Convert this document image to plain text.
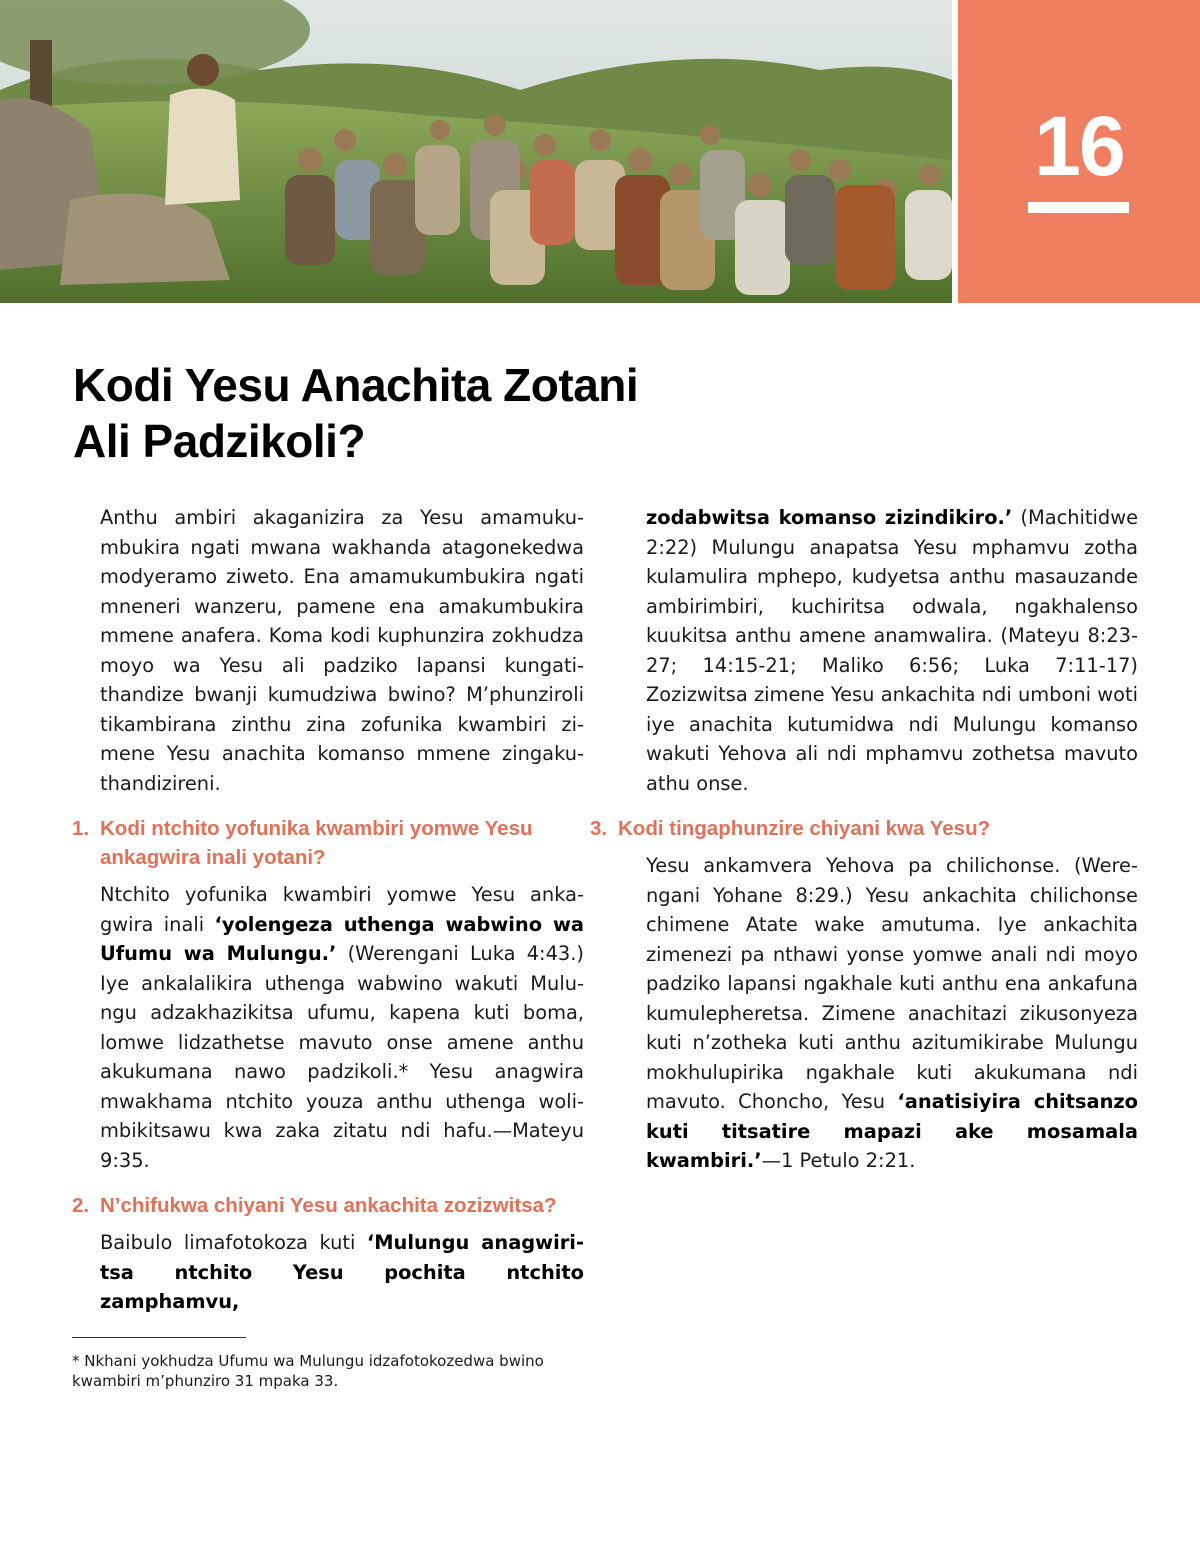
16
Kodi Yesu Anachita Zotani
Ali Padzikoli?

Anthu ambiri akaganizira za Yesu amamukumbukira ngati mwana wakhanda atagonekedwa modyeramo ziweto. Ena amamukumbukira ngati mneneri wanzeru, pamene ena amakumbukira mmene anafera. Koma kodi kuphunzira zokhudza moyo wa Yesu ali padziko lapansi kungatithandize bwanji kumudziwa bwino? M’phunziroli tikambirana zinthu zina zofunika kwambiri zimene Yesu anachita komanso mmene zingakuthandizireni.

1. Kodi ntchito yofunika kwambiri yomwe Yesu ankagwira inali yotani?

Ntchito yofunika kwambiri yomwe Yesu ankagwira inali ‘yolengeza uthenga wabwino wa Ufumu wa Mulungu.’ (Werengani Luka 4:43.) Iye ankalalikira uthenga wabwino wakuti Mulungu adzakhazikitsa ufumu, kapena kuti boma, lomwe lidzathetse mavuto onse amene anthu akukumana nawo padzikoli.* Yesu anagwira mwakhama ntchito youza anthu uthenga wolimbikitsawu kwa zaka zitatu ndi hafu.—Mateyu 9:35.

2. N’chifukwa chiyani Yesu ankachita zozizwitsa?

Baibulo limafotokoza kuti ‘Mulungu anagwiritsa ntchito Yesu pochita ntchito zamphamvu,

* Nkhani yokhudza Ufumu wa Mulungu idzafotokozedwa bwino kwambiri m’phunziro 31 mpaka 33.

zodabwitsa komanso zizindikiro.’ (Machitidwe 2:22) Mulungu anapatsa Yesu mphamvu zotha kulamulira mphepo, kudyetsa anthu masauzande ambirimbiri, kuchiritsa odwala, ngakhalenso kuukitsa anthu amene anamwalira. (Mateyu 8:23-27; 14:15-21; Maliko 6:56; Luka 7:11-17) Zozizwitsa zimene Yesu ankachita ndi umboni woti iye anachita kutumidwa ndi Mulungu komanso wakuti Yehova ali ndi mphamvu zothetsa mavuto athu onse.

3. Kodi tingaphunzire chiyani kwa Yesu?

Yesu ankamvera Yehova pa chilichonse. (Werengani Yohane 8:29.) Yesu ankachita chilichonse chimene Atate wake amutuma. Iye ankachita zimenezi pa nthawi yonse yomwe anali ndi moyo padziko lapansi ngakhale kuti anthu ena ankafuna kumulepheretsa. Zimene anachitazi zikusonyeza kuti n’zotheka kuti anthu azitumikirabe Mulungu mokhulupirika ngakhale kuti akukumana ndi mavuto. Choncho, Yesu ‘anatisiyira chitsanzo kuti titsatire mapazi ake mosamala kwambiri.’—1 Petulo 2:21.
